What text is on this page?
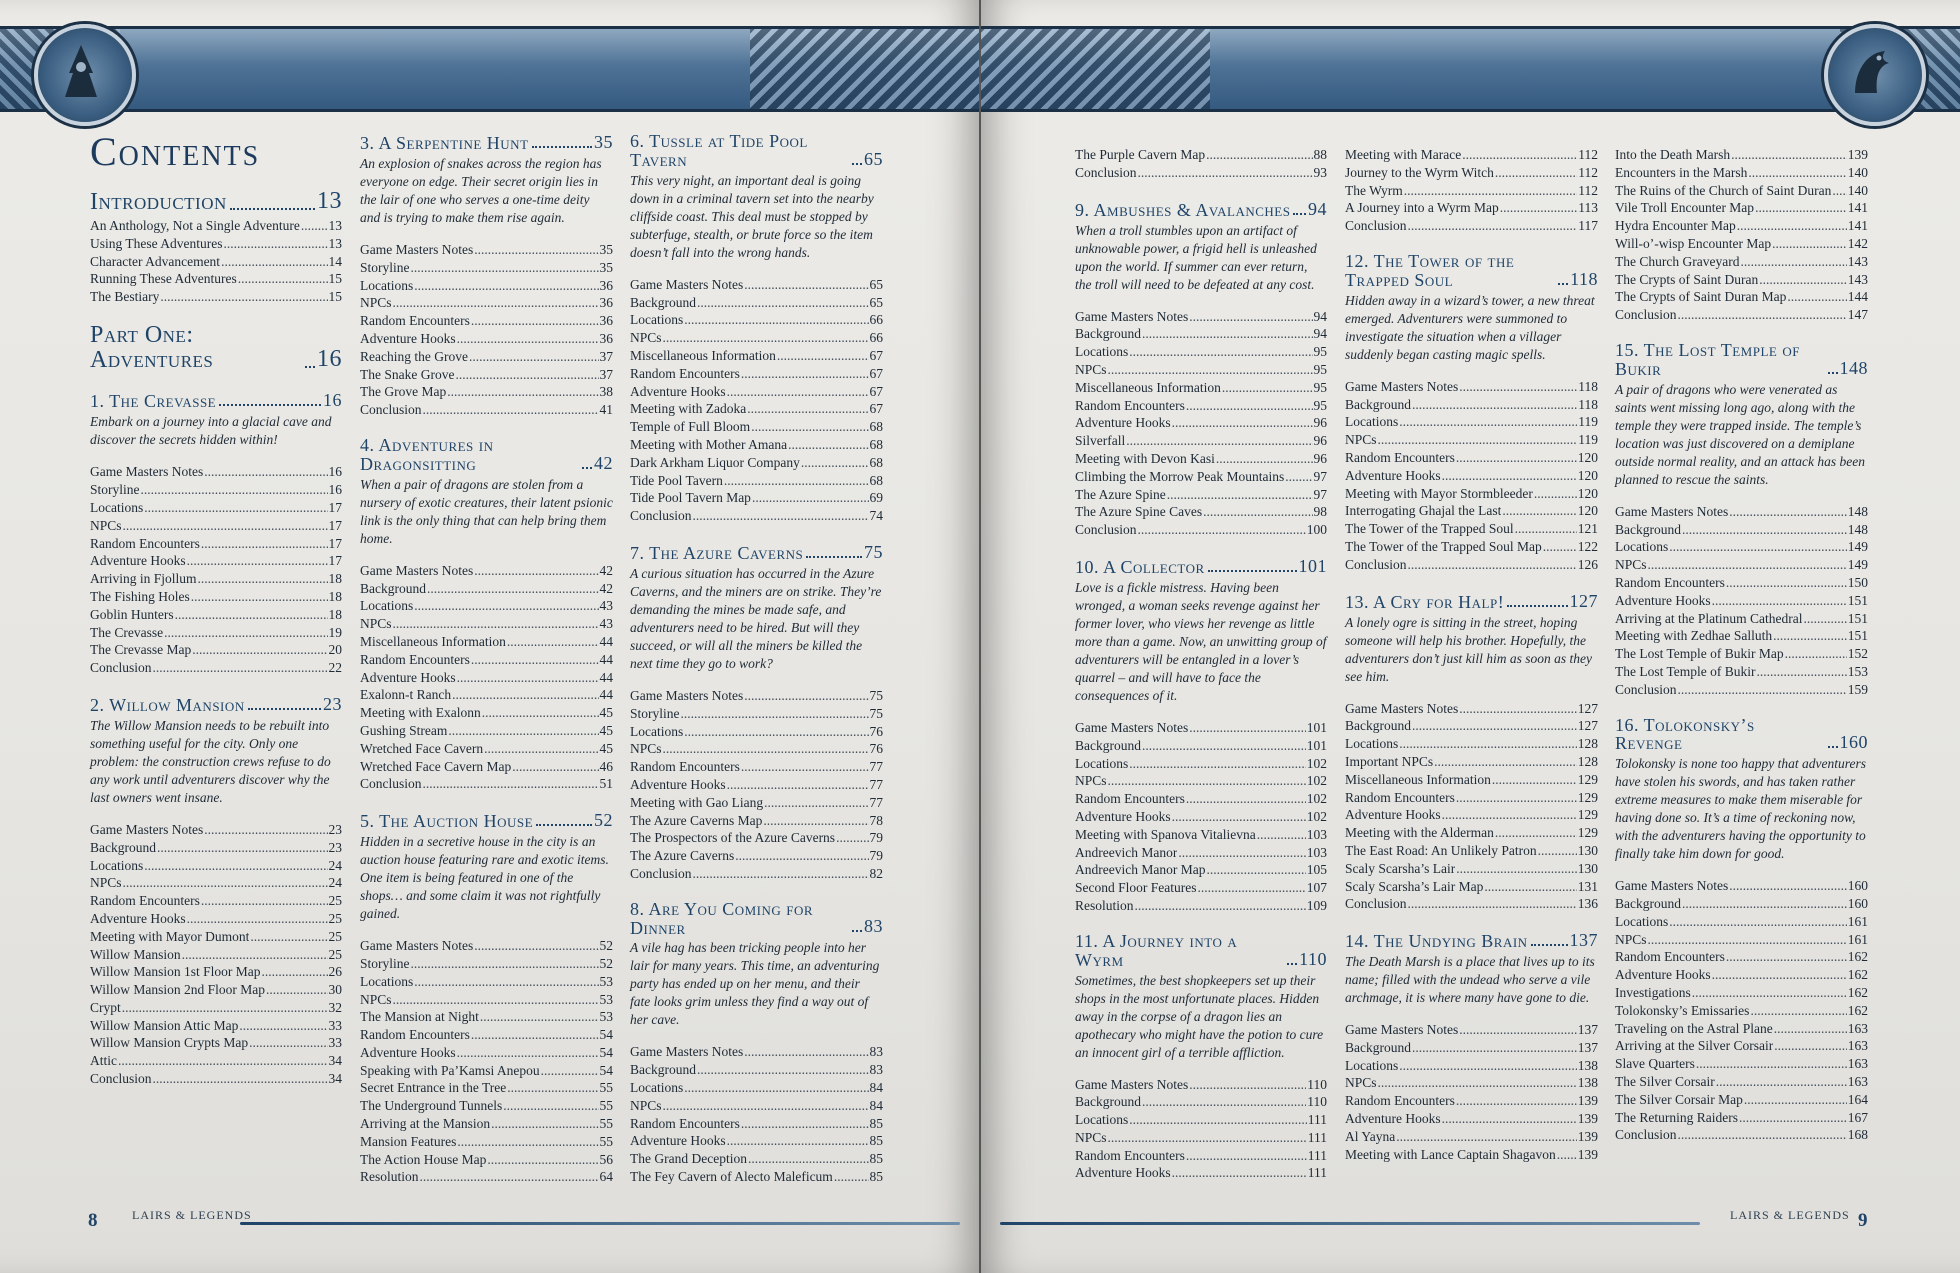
8	LAIRS & LEGENDS	LAIRS & LEGENDS 9
Contents
Introduction	13
An Anthology, Not a Single Adventure ..... 13
Using These Adventures .....	13
Character Advancement .....	14
Running These Adventures .....	15
The Bestiary .....	15
Part One: Adventures	16
1. The Crevasse	16
Embark on a journey into a glacial cave and discover the secrets hidden within!
Game Masters Notes .....	16
Storyline .....	16
Locations .....	17
NPCs .....	17
Random Encounters .....	17
Adventure Hooks .....	17
Arriving in Fjollum .....	18
The Fishing Holes .....	18
Goblin Hunters .....	18
The Crevasse .....	19
The Crevasse Map .....	20
Conclusion .....	22
2. Willow Mansion	23
The Willow Mansion needs to be rebuilt into something useful for the city. Only one problem: the construction crews refuse to do any work until adventurers discover why the last owners went insane.
Game Masters Notes .....	23
Background .....	23
Locations .....	24
NPCs .....	24
Random Encounters .....	25
Adventure Hooks .....	25
Meeting with Mayor Dumont .....	25
Willow Mansion .....	25
Willow Mansion 1st Floor Map .....	26
Willow Mansion 2nd Floor Map .....	30
Crypt .....	32
Willow Mansion Attic Map .....	33
Willow Mansion Crypts Map .....	33
Attic .....	34
Conclusion .....	34
3. A Serpentine Hunt	35
An explosion of snakes across the region has everyone on edge. Their secret origin lies in the lair of one who serves a one-time deity and is trying to make them rise again.
Game Masters Notes .....	35
Storyline .....	35
Locations .....	36
NPCs .....	36
Random Encounters .....	36
Adventure Hooks .....	36
Reaching the Grove .....	37
The Snake Grove .....	37
The Grove Map .....	38
Conclusion .....	41
4. Adventures in Dragonsitting	42
When a pair of dragons are stolen from a nursery of exotic creatures, their latent psionic link is the only thing that can help bring them home.
Game Masters Notes .....	42
Background .....	42
Locations .....	43
NPCs .....	43
Miscellaneous Information .....	44
Random Encounters .....	44
Adventure Hooks .....	44
Exalonn-t Ranch .....	44
Meeting with Exalonn .....	45
Gushing Stream .....	45
Wretched Face Cavern .....	45
Wretched Face Cavern Map .....	46
Conclusion .....	51
5. The Auction House	52
Hidden in a secretive house in the city is an auction house featuring rare and exotic items. One item is being featured in one of the shops… and some claim it was not rightfully gained.
Game Masters Notes .....	52
Storyline .....	52
Locations .....	53
NPCs .....	53
The Mansion at Night .....	53
Random Encounters .....	54
Adventure Hooks .....	54
Speaking with Pa’Kamsi Anepou .....	54
Secret Entrance in the Tree .....	55
The Underground Tunnels .....	55
Arriving at the Mansion .....	55
Mansion Features .....	55
The Action House Map .....	56
Resolution .....	64
6. Tussle at Tide Pool Tavern	65
This very night, an important deal is going down in a criminal tavern set into the nearby cliffside coast. This deal must be stopped by subterfuge, stealth, or brute force so the item doesn’t fall into the wrong hands.
Game Masters Notes .....	65
Background .....	65
Locations .....	66
NPCs .....	66
Miscellaneous Information .....	67
Random Encounters .....	67
Adventure Hooks .....	67
Meeting with Zadoka .....	67
Temple of Full Bloom .....	68
Meeting with Mother Amana .....	68
Dark Arkham Liquor Company .....	68
Tide Pool Tavern .....	68
Tide Pool Tavern Map .....	69
Conclusion .....	74
7. The Azure Caverns	75
A curious situation has occurred in the Azure Caverns, and the miners are on strike. They’re demanding the mines be made safe, and adventurers need to be hired. But will they succeed, or will all the miners be killed the next time they go to work?
Game Masters Notes .....	75
Storyline .....	75
Locations .....	76
NPCs .....	76
Random Encounters .....	77
Adventure Hooks .....	77
Meeting with Gao Liang .....	77
The Azure Caverns Map .....	78
The Prospectors of the Azure Caverns .....	79
The Azure Caverns .....	79
Conclusion .....	82
8. Are You Coming for Dinner	83
A vile hag has been tricking people into her lair for many years. This time, an adventuring party has ended up on her menu, and their fate looks grim unless they find a way out of her cave.
Game Masters Notes .....	83
Background .....	83
Locations .....	84
NPCs .....	84
Random Encounters .....	85
Adventure Hooks .....	85
The Grand Deception .....	85
The Fey Cavern of Alecto Maleficum .....	85
The Purple Cavern Map .....	88
Conclusion .....	93
9. Ambushes & Avalanches 94
When a troll stumbles upon an artifact of unknowable power, a frigid hell is unleashed upon the world. If summer can ever return, the troll will need to be defeated at any cost.
Game Masters Notes .....	94
Background .....	94
Locations .....	95
NPCs .....	95
Miscellaneous Information .....	95
Random Encounters .....	95
Adventure Hooks .....	96
Silverfall .....	96
Meeting with Devon Kasi .....	96
Climbing the Morrow Peak Mountains ..... 97
The Azure Spine .....	97
The Azure Spine Caves .....	98
Conclusion .....	100
10. A Collector	101
Love is a fickle mistress. Having been wronged, a woman seeks revenge against her former lover, who views her revenge as little more than a game. Now, an unwitting group of adventurers will be entangled in a lover’s quarrel – and will have to face the consequences of it.
Game Masters Notes .....	101
Background .....	101
Locations .....	102
NPCs .....	102
Random Encounters .....	102
Adventure Hooks .....	102
Meeting with Spanova Vitalievna .....	103
Andreevich Manor .....	103
Andreevich Manor Map .....	105
Second Floor Features .....	107
Resolution .....	109
11. A Journey into a Wyrm	110
Sometimes, the best shopkeepers set up their shops in the most unfortunate places. Hidden away in the corpse of a dragon lies an apothecary who might have the potion to cure an innocent girl of a terrible affliction.
Game Masters Notes .....	110
Background .....	110
Locations .....	111
NPCs .....	111
Random Encounters .....	111
Adventure Hooks .....	111
Meeting with Marace .....	112
Journey to the Wyrm Witch .....	112
The Wyrm .....	112
A Journey into a Wyrm Map .....	113
Conclusion .....	117
12. The Tower of the Trapped Soul	118
Hidden away in a wizard’s tower, a new threat emerged. Adventurers were summoned to investigate the situation when a villager suddenly began casting magic spells.
Game Masters Notes .....	118
Background .....	118
Locations .....	119
NPCs .....	119
Random Encounters .....	120
Adventure Hooks .....	120
Meeting with Mayor Stormbleeder .....	120
Interrogating Ghajal the Last .....	120
The Tower of the Trapped Soul .....	121
The Tower of the Trapped Soul Map .....	122
Conclusion .....	126
13. A Cry for Halp!	127
A lonely ogre is sitting in the street, hoping someone will help his brother. Hopefully, the adventurers don’t just kill him as soon as they see him.
Game Masters Notes .....	127
Background .....	127
Locations .....	128
Important NPCs .....	128
Miscellaneous Information .....	129
Random Encounters .....	129
Adventure Hooks .....	129
Meeting with the Alderman .....	129
The East Road: An Unlikely Patron .....	130
Scaly Scarsha’s Lair .....	130
Scaly Scarsha’s Lair Map .....	131
Conclusion .....	136
14. The Undying Brain 137
The Death Marsh is a place that lives up to its name; filled with the undead who serve a vile archmage, it is where many have gone to die.
Game Masters Notes .....	137
Background .....	137
Locations .....	138
NPCs .....	138
Random Encounters .....	139
Adventure Hooks .....	139
Al Yayna .....	139
Meeting with Lance Captain Shagavon ..... 139
Into the Death Marsh .....	139
Encounters in the Marsh .....	140
The Ruins of the Church of Saint Duran ..... 140
Vile Troll Encounter Map .....	141
Hydra Encounter Map .....	141
Will-o’-wisp Encounter Map .....	142
The Church Graveyard .....	143
The Crypts of Saint Duran .....	143
The Crypts of Saint Duran Map .....	144
Conclusion .....	147
15. The Lost Temple of Bukir	148
A pair of dragons who were venerated as saints went missing long ago, along with the temple they were trapped inside. The temple’s location was just discovered on a demiplane outside normal reality, and an attack has been planned to rescue the saints.
Game Masters Notes .....	148
Background .....	148
Locations .....	149
NPCs .....	149
Random Encounters .....	150
Adventure Hooks .....	151
Arriving at the Platinum Cathedral .....	151
Meeting with Zedhae Salluth .....	151
The Lost Temple of Bukir Map .....	152
The Lost Temple of Bukir .....	153
Conclusion .....	159
16. Tolokonsky’s Revenge	160
Tolokonsky is none too happy that adventurers have stolen his swords, and has taken rather extreme measures to make them miserable for having done so. It’s a time of reckoning now, with the adventurers having the opportunity to finally take him down for good.
Game Masters Notes .....	160
Background .....	160
Locations .....	161
NPCs .....	161
Random Encounters .....	162
Adventure Hooks .....	162
Investigations .....	162
Tolokonsky’s Emissaries .....	162
Traveling on the Astral Plane .....	163
Arriving at the Silver Corsair .....	163
Slave Quarters .....	163
The Silver Corsair .....	163
The Silver Corsair Map .....	164
The Returning Raiders .....	167
Conclusion .....	168
